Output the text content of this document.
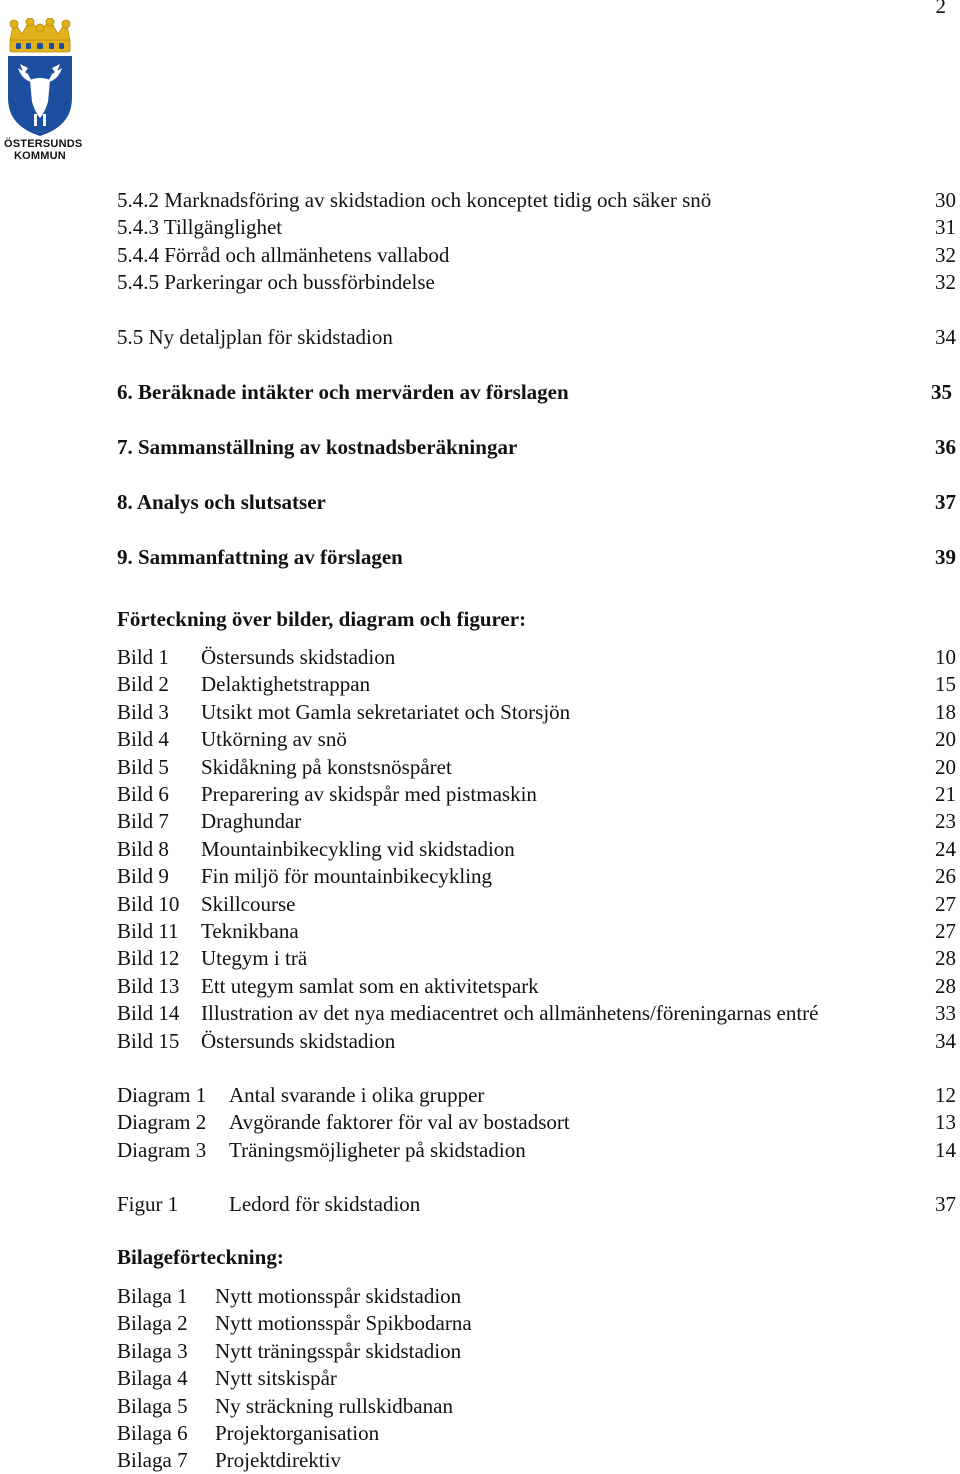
2
ÖSTERSUNDS
KOMMUN
5.4.2 Marknadsföring av skidstadion och konceptet tidig och säker snö	30
5.4.3 Tillgänglighet	31
5.4.4 Förråd och allmänhetens vallabod	32
5.4.5 Parkeringar och bussförbindelse	32
5.5 Ny detaljplan för skidstadion	34
6. Beräknade intäkter och mervärden av förslagen	35
7. Sammanställning av kostnadsberäkningar	36
8. Analys och slutsatser	37
9. Sammanfattning av förslagen	39
Förteckning över bilder, diagram och figurer:
Bild 1 Östersunds skidstadion	10
Bild 2 Delaktighetstrappan	15
Bild 3 Utsikt mot Gamla sekretariatet och Storsjön	18
Bild 4 Utkörning av snö	20
Bild 5 Skidåkning på konstsnöspåret	20
Bild 6 Preparering av skidspår med pistmaskin	21
Bild 7 Draghundar	23
Bild 8 Mountainbikecykling vid skidstadion	24
Bild 9 Fin miljö för mountainbikecykling	26
Bild 10 Skillcourse	27
Bild 11 Teknikbana	27
Bild 12 Utegym i trä	28
Bild 13 Ett utegym samlat som en aktivitetspark	28
Bild 14 Illustration av det nya mediacentret och allmänhetens/föreningarnas entré	33
Bild 15 Östersunds skidstadion	34
Diagram 1 Antal svarande i olika grupper	12
Diagram 2 Avgörande faktorer för val av bostadsort	13
Diagram 3 Träningsmöjligheter på skidstadion	14
Figur 1 Ledord för skidstadion	37
Bilageförteckning:
Bilaga 1 Nytt motionsspår skidstadion
Bilaga 2 Nytt motionsspår Spikbodarna
Bilaga 3 Nytt träningsspår skidstadion
Bilaga 4 Nytt sitskispår
Bilaga 5 Ny sträckning rullskidbanan
Bilaga 6 Projektorganisation
Bilaga 7 Projektdirektiv
